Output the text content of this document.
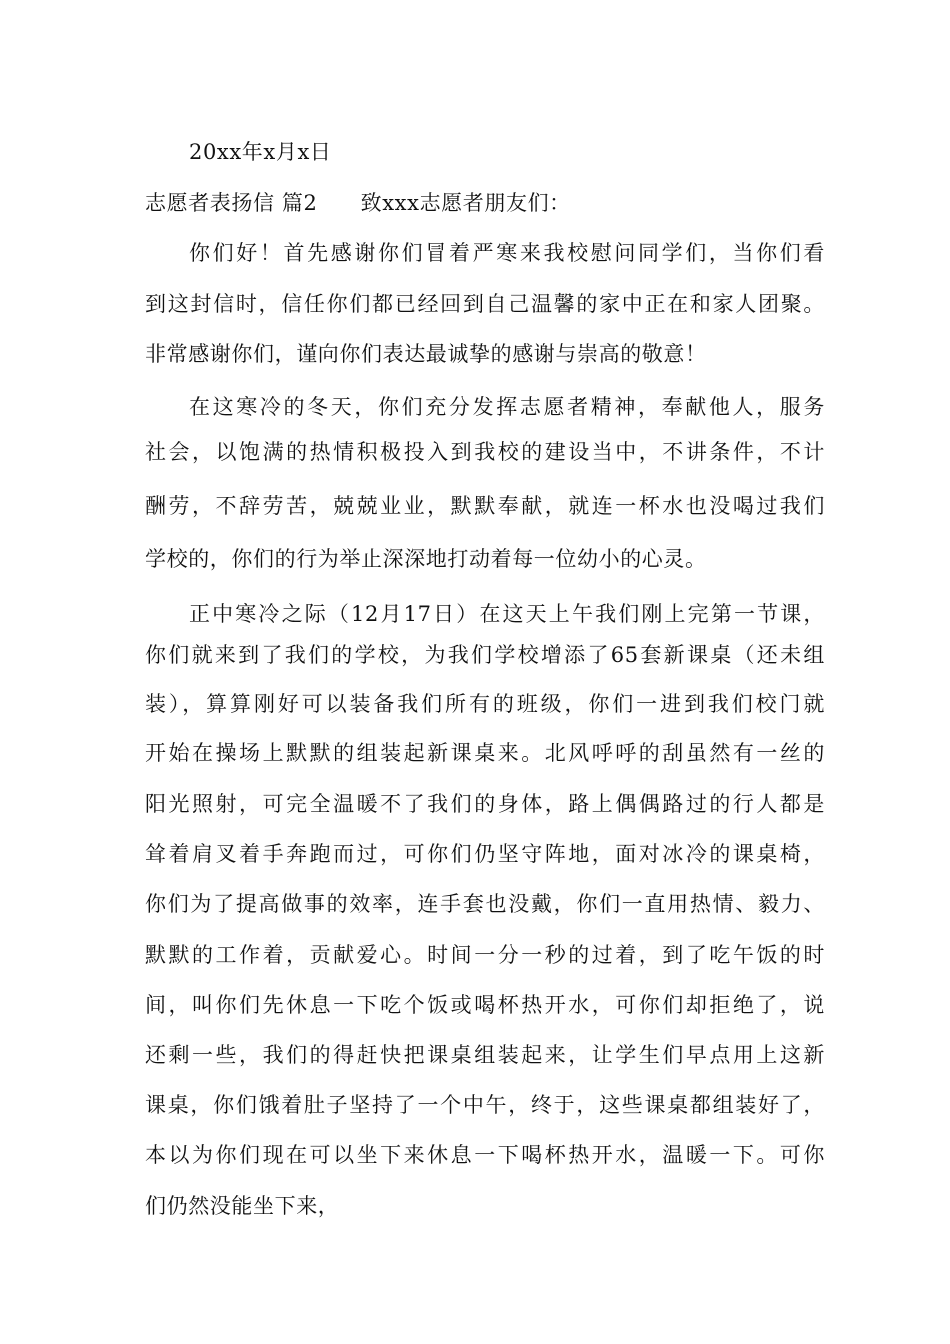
20xx年x月x日
志愿者表扬信 篇2　　致xxx志愿者朋友们：
你们好！首先感谢你们冒着严寒来我校慰问同学们，当你们看
到这封信时，信任你们都已经回到自己温馨的家中正在和家人团聚。
非常感谢你们，谨向你们表达最诚挚的感谢与崇高的敬意！
在这寒冷的冬天，你们充分发挥志愿者精神，奉献他人，服务
社会，以饱满的热情积极投入到我校的建设当中，不讲条件，不计
酬劳，不辞劳苦，兢兢业业，默默奉献，就连一杯水也没喝过我们
学校的，你们的行为举止深深地打动着每一位幼小的心灵。
正中寒冷之际（12月17日）在这天上午我们刚上完第一节课，
你们就来到了我们的学校，为我们学校增添了65套新课桌（还未组
装），算算刚好可以装备我们所有的班级，你们一进到我们校门就
开始在操场上默默的组装起新课桌来。北风呼呼的刮虽然有一丝的
阳光照射，可完全温暖不了我们的身体，路上偶偶路过的行人都是
耸着肩叉着手奔跑而过，可你们仍坚守阵地，面对冰冷的课桌椅，
你们为了提高做事的效率，连手套也没戴，你们一直用热情、毅力、
默默的工作着，贡献爱心。时间一分一秒的过着，到了吃午饭的时
间，叫你们先休息一下吃个饭或喝杯热开水，可你们却拒绝了，说
还剩一些，我们的得赶快把课桌组装起来，让学生们早点用上这新
课桌，你们饿着肚子坚持了一个中午，终于，这些课桌都组装好了，
本以为你们现在可以坐下来休息一下喝杯热开水，温暖一下。可你
们仍然没能坐下来，
